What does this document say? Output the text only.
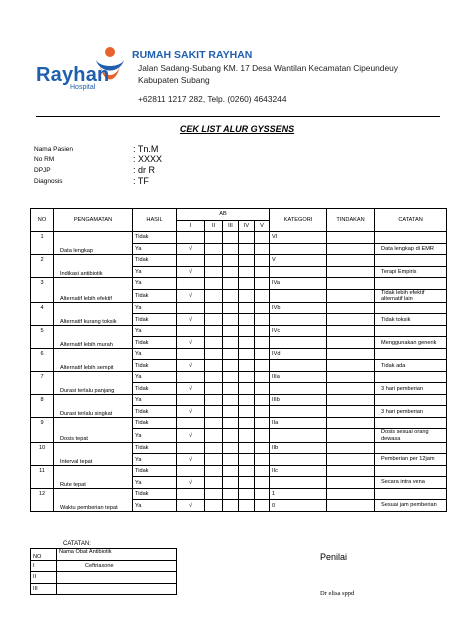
Rayhan
Hospital
RUMAH SAKIT RAYHAN
Jalan Sadang-Subang KM. 17 Desa Wantilan Kecamatan Cipeundeuy
Kabupaten Subang
+62811 1217 282, Telp. (0260) 4643244
CEK LIST ALUR GYSSENS
Nama Pasien	: Tn.M
No RM	: XXXX
DPJP	: dr R
Diagnosis	: TF
NO	PENGAMATAN	HASIL	AB					KATEGORI	TINDAKAN	CATATAN
			I	II	III	IV	V			
1	Data lengkap	Tidak						VI		
		Ya	√							Data lengkap di EMR
2	Indikasi antibiotik	Tidak						V		
		Ya	√							Terapi Empiris
3	Alternatif lebih efektif	Ya						IVa		
		Tidak	√							Tidak lebih efektif alternatif lain
4	Alternatif kurang toksik	Ya						IVb		
		Tidak	√							Tidak toksik
5	Alternatif lebih murah	Ya						IVc		
		Tidak	√							Menggunakan generik
6	Alternatif lebih sempit	Ya						IVd		
		Tidak	√							Tidak ada
7	Durasi terlalu panjang	Ya						IIIa		
		Tidak	√							3 hari pemberian
8	Durasi terlalu singkat	Ya						IIIb		
		Tidak	√							3 hari pemberian
9	Dosis tepat	Tidak						IIa		
		Ya	√							Dosis sesuai orang dewasa
10	Interval tepat	Tidak						IIb		
		Ya	√							Pemberian per 12jam
11	Rute tepat	Tidak						IIc		
		Ya	√							Secara intra vena
12	Waktu pemberian tepat	Tidak						1		
		Ya	√					0		Sesuai jam pemberian
CATATAN:
NO	Nama Obat Antibiotik
I	Ceftriaxone
II	
III	
Penilai
Dr elisa sppd
